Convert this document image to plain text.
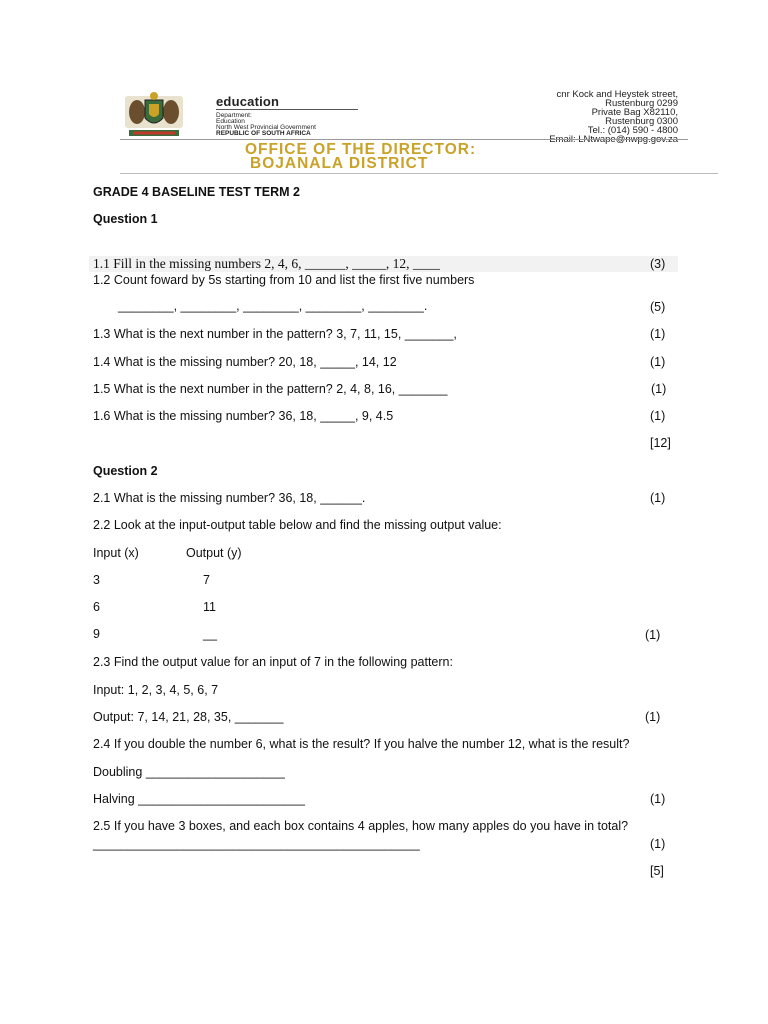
education
Department:
Education
North West Provincial Government
REPUBLIC OF SOUTH AFRICA
cnr Kock and Heystek street,
Rustenburg 0299
Private Bag X82110,
Rustenburg 0300
Tel.: (014) 590 - 4800
OFFICE OF THE DIRECTOR:
BOJANALA DISTRICT
GRADE 4 BASELINE TEST TERM 2
Question 1
1.1 Fill in the missing numbers 2, 4, 6, ______, _____, 12, ____	(3)
1.2 Count foward by 5s starting from 10 and list the first five numbers
________, ________, ________, ________, ________.	(5)
1.3 What is the next number in the pattern? 3, 7, 11, 15, _______,	(1)
1.4 What is the missing number? 20, 18, _____, 14, 12	(1)
1.5 What is the next number in the pattern? 2, 4, 8, 16, _______	(1)
1.6 What is the missing number? 36, 18, _____, 9, 4.5	(1)
[12]
Question 2
2.1 What is the missing number? 36, 18, ______.	(1)
2.2 Look at the input-output table below and find the missing output value:
Input (x)	Output (y)
3	7
6	11
9	__	(1)
2.3 Find the output value for an input of 7 in the following pattern:
Input: 1, 2, 3, 4, 5, 6, 7
Output: 7, 14, 21, 28, 35, _______	(1)
2.4 If you double the number 6, what is the result? If you halve the number 12, what is the result?
Doubling ____________________
Halving ________________________	(1)
2.5 If you have 3 boxes, and each box contains 4 apples, how many apples do you have in total?
_______________________________________________	(1)
[5]
